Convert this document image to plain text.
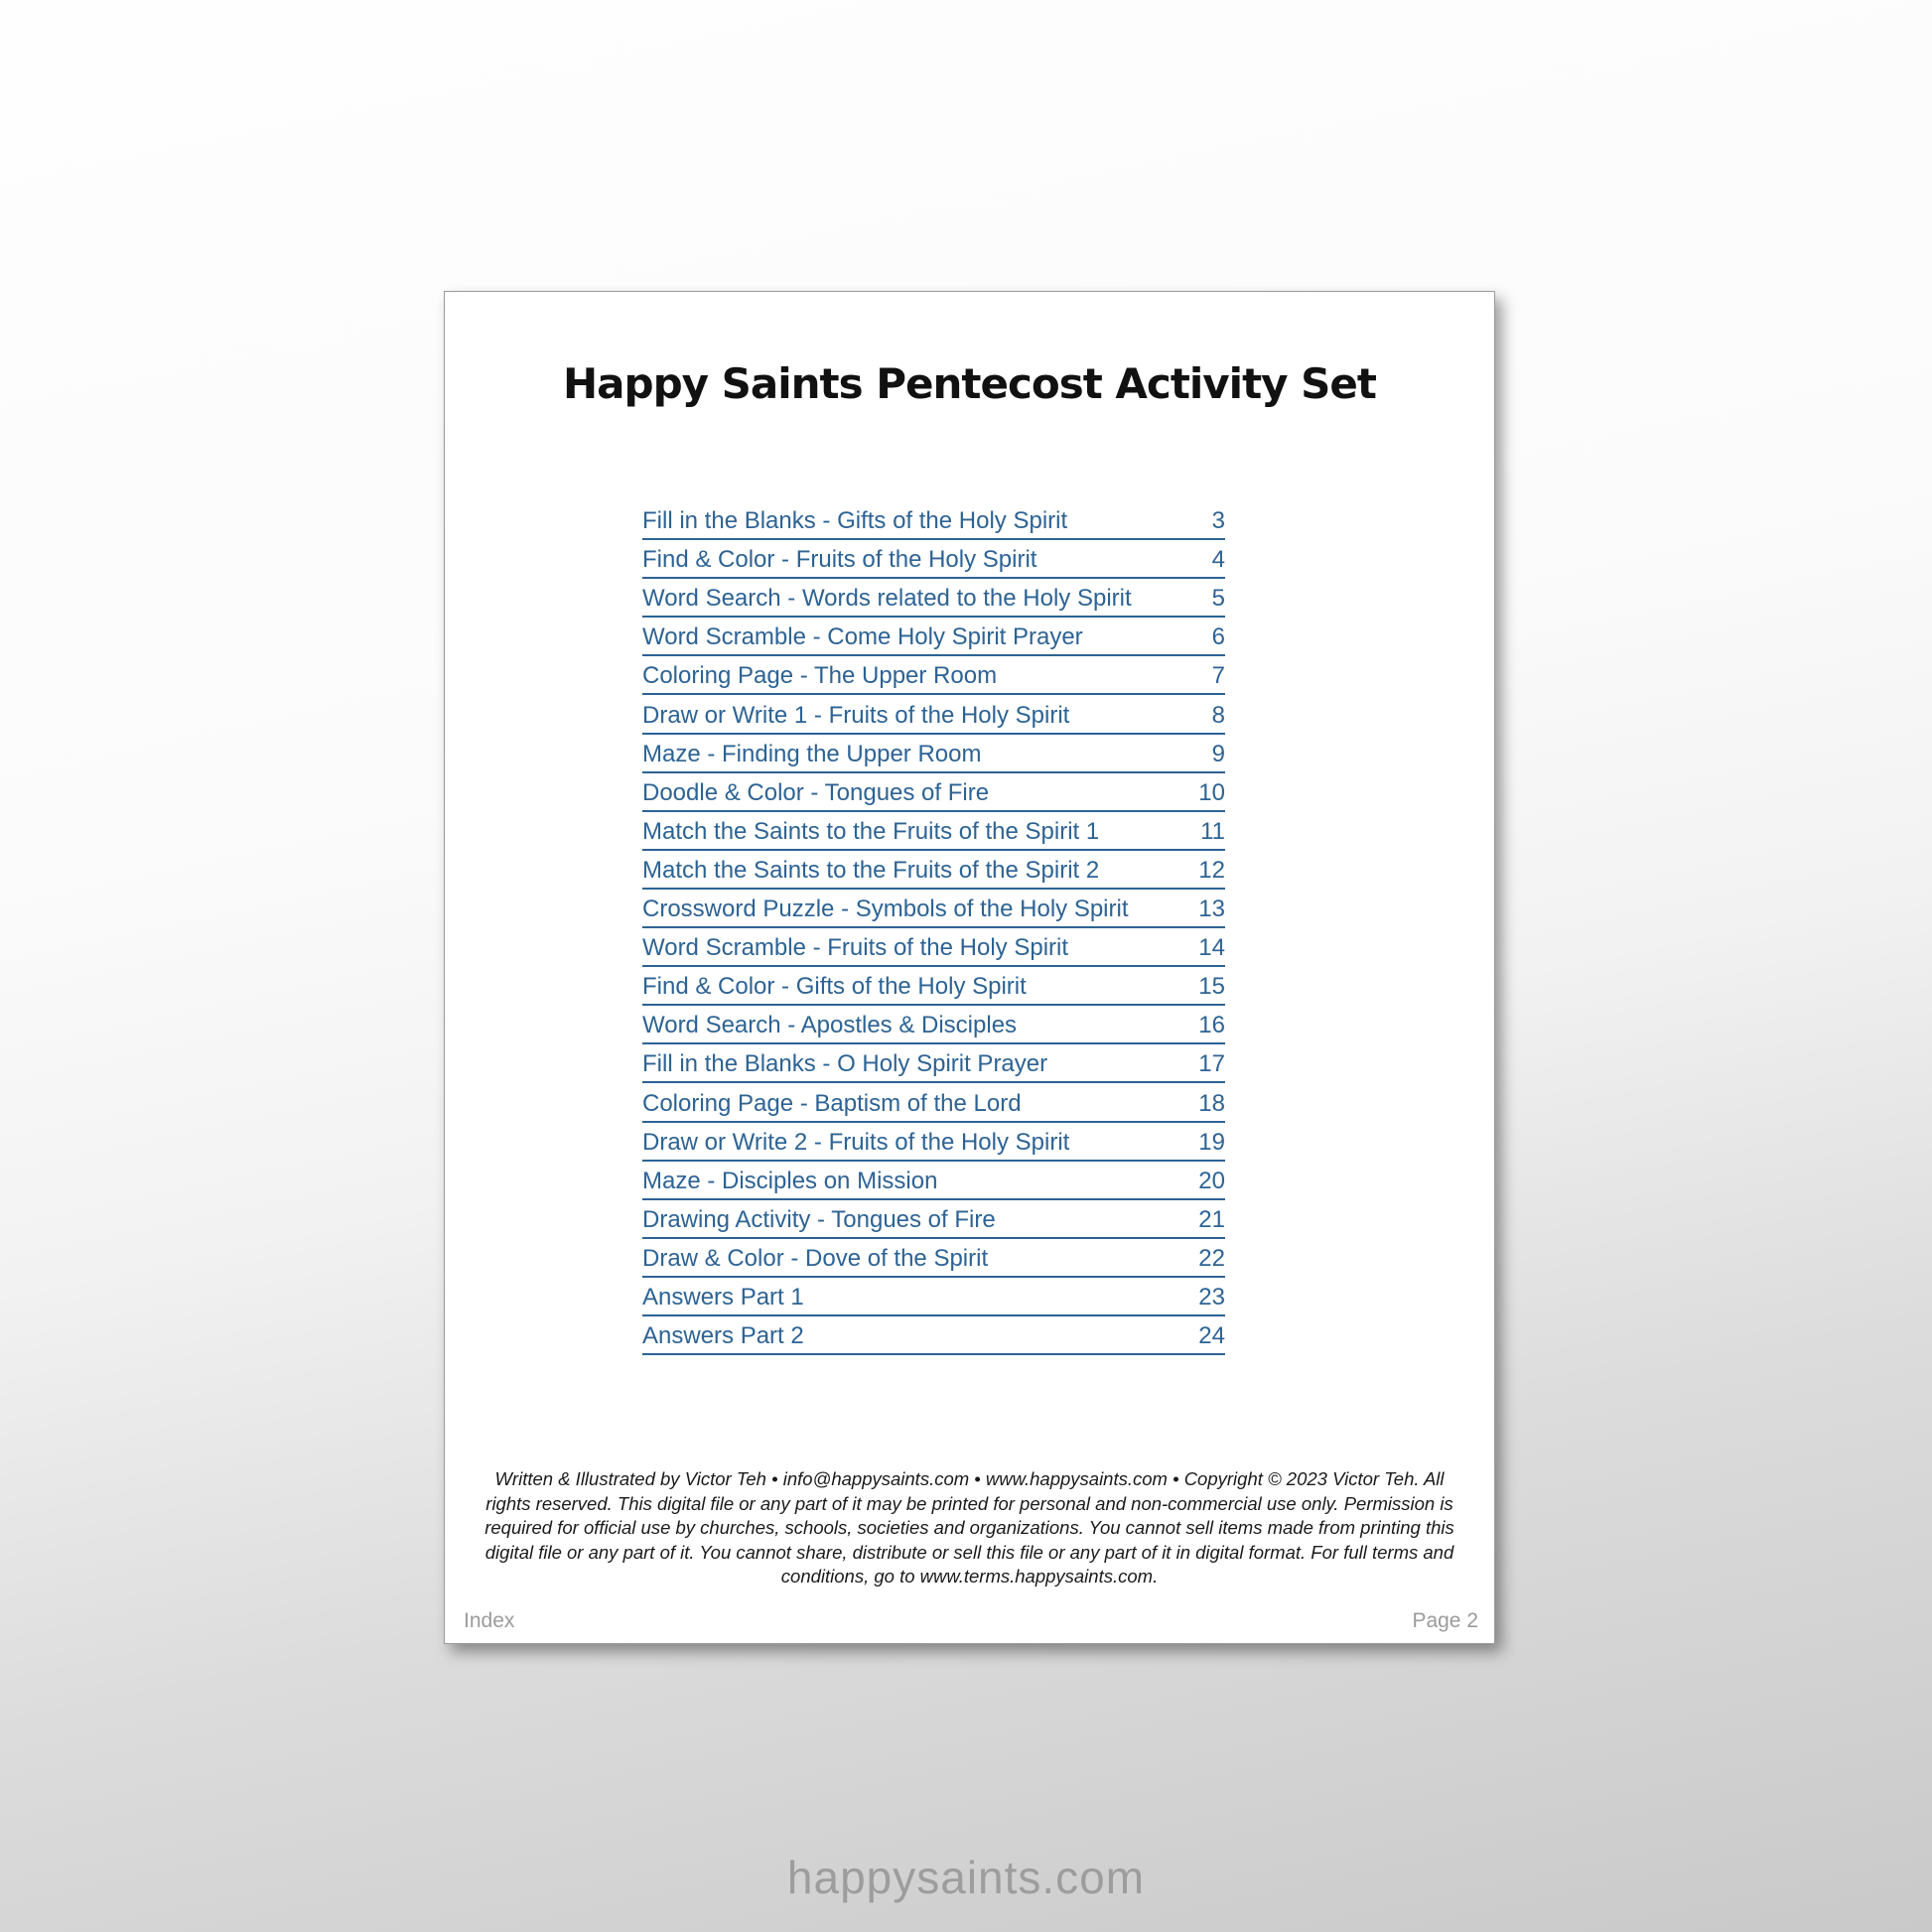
Happy Saints Pentecost Activity Set
Fill in the Blanks - Gifts of the Holy Spirit	3
Find & Color - Fruits of the Holy Spirit	4
Word Search - Words related to the Holy Spirit	5
Word Scramble - Come Holy Spirit Prayer	6
Coloring Page - The Upper Room	7
Draw or Write 1 - Fruits of the Holy Spirit	8
Maze - Finding the Upper Room	9
Doodle & Color - Tongues of Fire	10
Match the Saints to the Fruits of the Spirit 1	11
Match the Saints to the Fruits of the Spirit 2	12
Crossword Puzzle - Symbols of the Holy Spirit	13
Word Scramble - Fruits of the Holy Spirit	14
Find & Color - Gifts of the Holy Spirit	15
Word Search - Apostles & Disciples	16
Fill in the Blanks - O Holy Spirit Prayer	17
Coloring Page - Baptism of the Lord	18
Draw or Write 2 - Fruits of the Holy Spirit	19
Maze - Disciples on Mission	20
Drawing Activity - Tongues of Fire	21
Draw & Color - Dove of the Spirit	22
Answers Part 1	23
Answers Part 2	24
Written & Illustrated by Victor Teh • info@happysaints.com • www.happysaints.com • Copyright © 2023 Victor Teh. All
rights reserved. This digital file or any part of it may be printed for personal and non-commercial use only. Permission is
required for official use by churches, schools, societies and organizations. You cannot sell items made from printing this
digital file or any part of it. You cannot share, distribute or sell this file or any part of it in digital format. For full terms and
conditions, go to www.terms.happysaints.com.
Index	Page 2
happysaints.com
